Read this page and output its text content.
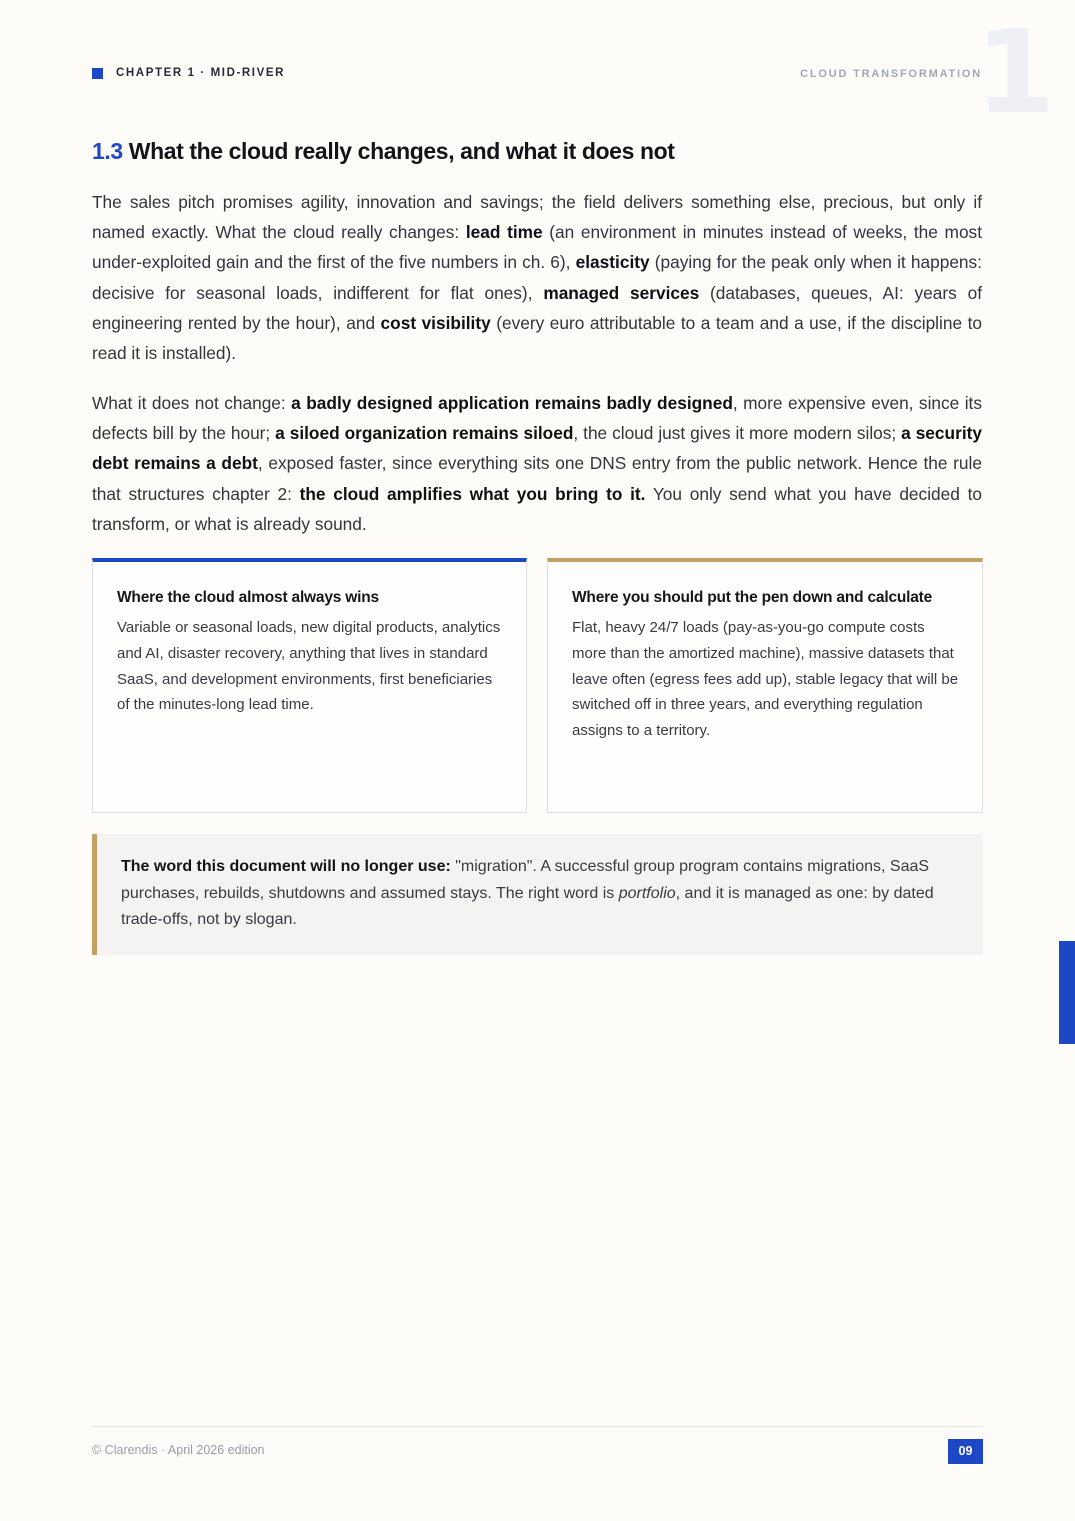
CHAPTER 1 · MID-RIVER	CLOUD TRANSFORMATION
1
1.3 What the cloud really changes, and what it does not

The sales pitch promises agility, innovation and savings; the field delivers something else, precious, but only if named exactly. What the cloud really changes: lead time (an environment in minutes instead of weeks, the most under-exploited gain and the first of the five numbers in ch. 6), elasticity (paying for the peak only when it happens: decisive for seasonal loads, indifferent for flat ones), managed services (databases, queues, AI: years of engineering rented by the hour), and cost visibility (every euro attributable to a team and a use, if the discipline to read it is installed).

What it does not change: a badly designed application remains badly designed, more expensive even, since its defects bill by the hour; a siloed organization remains siloed, the cloud just gives it more modern silos; a security debt remains a debt, exposed faster, since everything sits one DNS entry from the public network. Hence the rule that structures chapter 2: the cloud amplifies what you bring to it. You only send what you have decided to transform, or what is already sound.

Where the cloud almost always wins
Variable or seasonal loads, new digital products, analytics and AI, disaster recovery, anything that lives in standard SaaS, and development environments, first beneficiaries of the minutes-long lead time.
Where you should put the pen down and calculate
Flat, heavy 24/7 loads (pay-as-you-go compute costs more than the amortized machine), massive datasets that leave often (egress fees add up), stable legacy that will be switched off in three years, and everything regulation assigns to a territory.
The word this document will no longer use: "migration". A successful group program contains migrations, SaaS purchases, rebuilds, shutdowns and assumed stays. The right word is portfolio, and it is managed as one: by dated trade-offs, not by slogan.
© Clarendis · April 2026 edition	09
